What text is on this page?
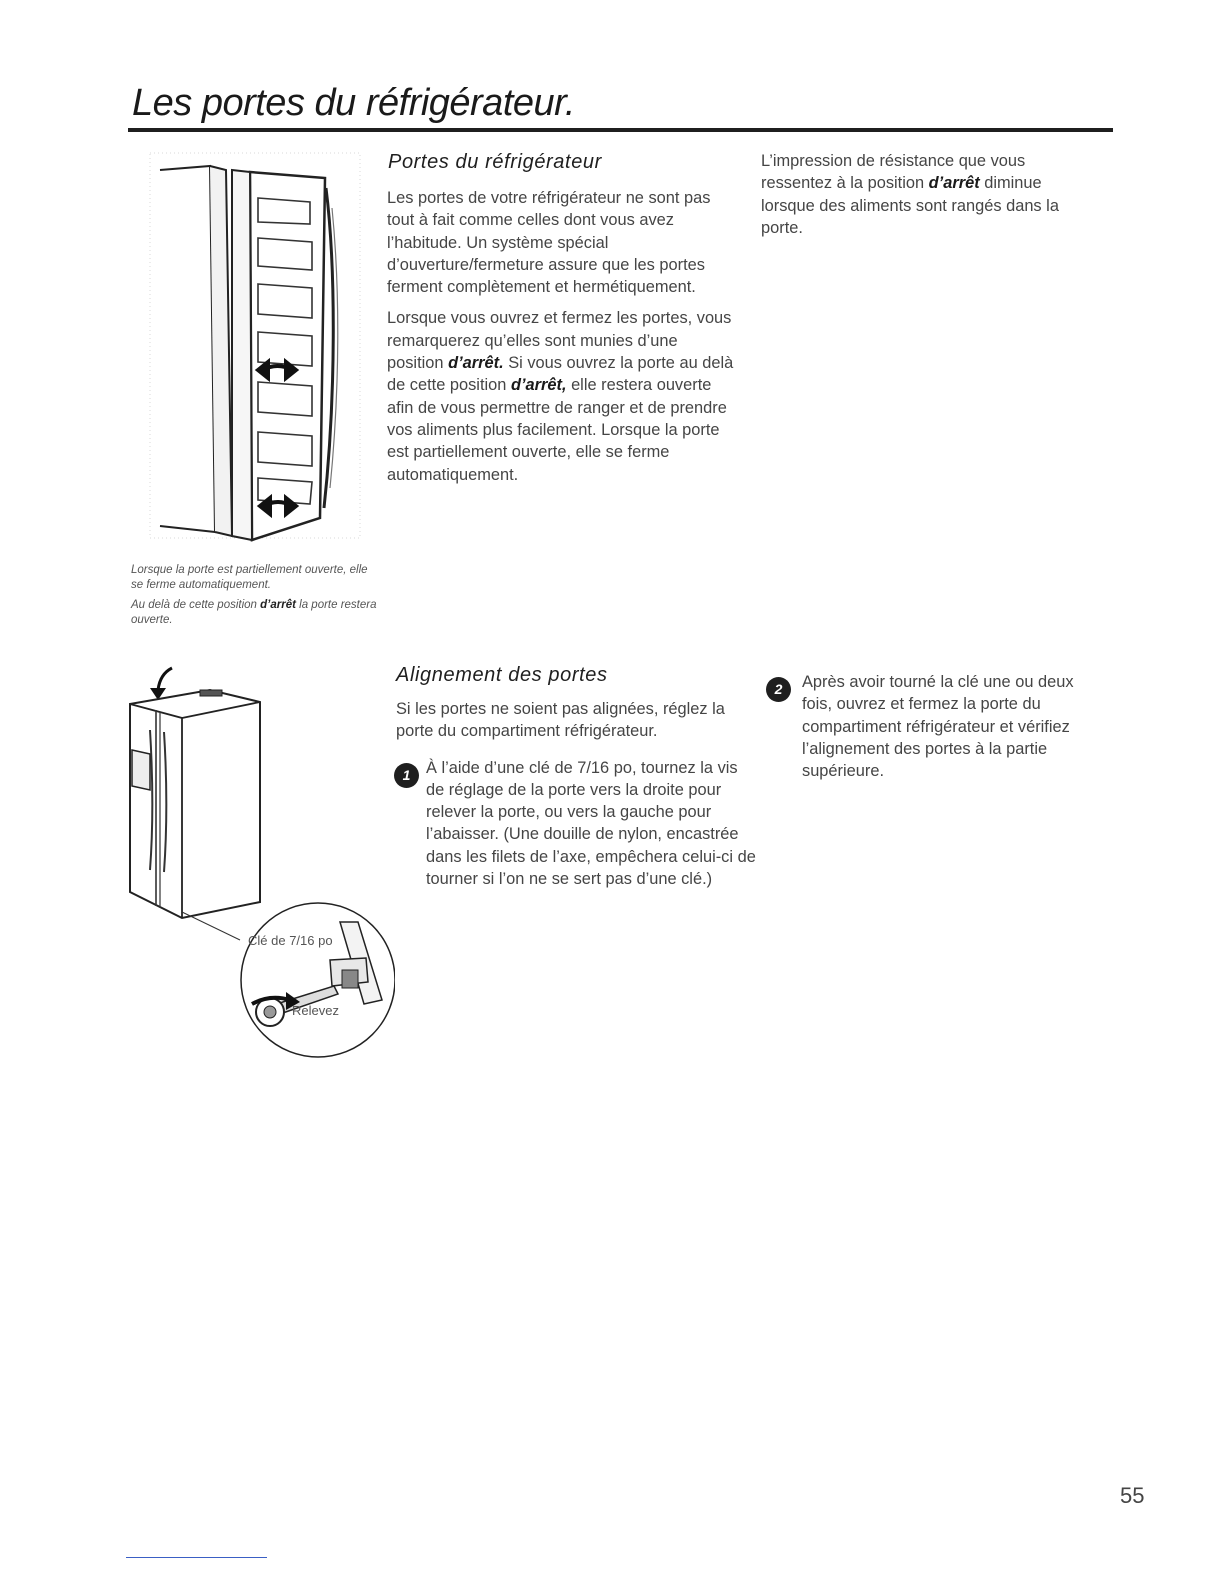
Les portes du réfrigérateur.

Lorsque la porte est partiellement ouverte, elle se ferme automatiquement.

Au delà de cette position d’arrêt la porte restera ouverte.

Portes du réfrigérateur

Les portes de votre réfrigérateur ne sont pas tout à fait comme celles dont vous avez l’habitude. Un système spécial d’ouverture/fermeture assure que les portes ferment complètement et hermétiquement.

Lorsque vous ouvrez et fermez les portes, vous remarquerez qu’elles sont munies d’une position d’arrêt. Si vous ouvrez la porte au delà de cette position d’arrêt, elle restera ouverte afin de vous permettre de ranger et de prendre vos aliments plus facilement. Lorsque la porte est partiellement ouverte, elle se ferme automatiquement.

L’impression de résistance que vous ressentez à la position d’arrêt diminue lorsque des aliments sont rangés dans la porte.

Clé de 7/16 po
Relevez
Alignement des portes

Si les portes ne soient pas alignées, réglez la porte du compartiment réfrigérateur.

1 À l’aide d’une clé de 7/16 po, tournez la vis de réglage de la porte vers la droite pour relever la porte, ou vers la gauche pour l’abaisser. (Une douille de nylon, encastrée dans les filets de l’axe, empêchera celui-ci de tourner si l’on ne se sert pas d’une clé.)

2	Après avoir tourné la clé une ou deux fois, ouvrez et fermez la porte du compartiment réfrigérateur et vérifiez l’alignement des portes à la partie supérieure.

55
